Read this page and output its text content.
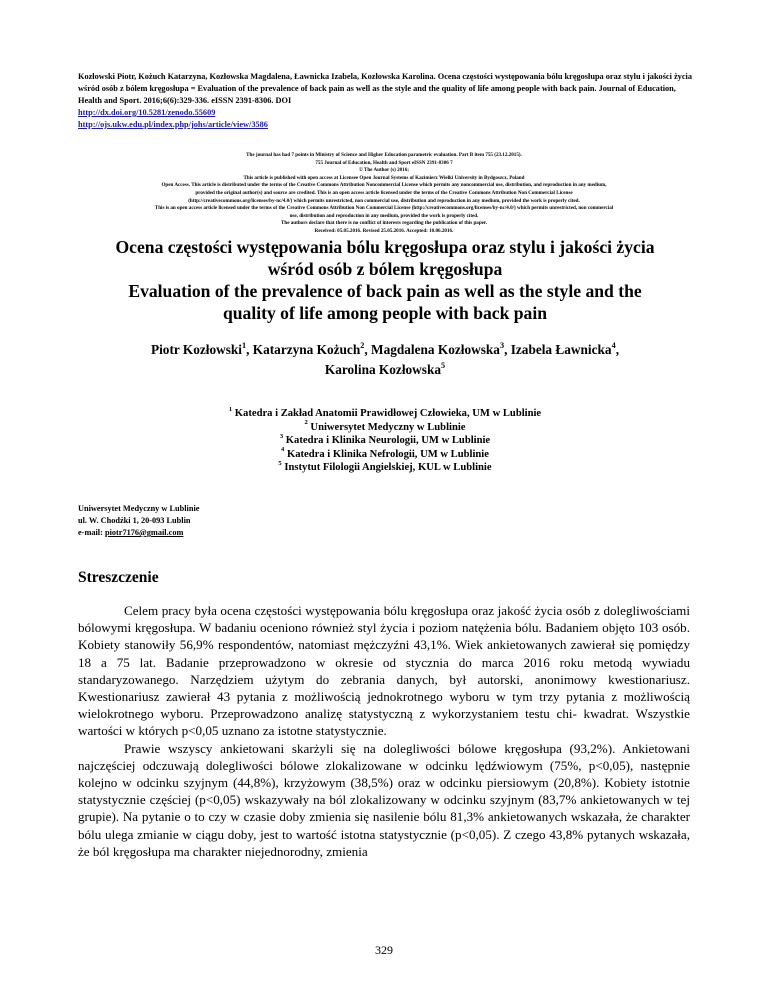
Kozłowski Piotr, Kożuch Katarzyna, Kozłowska Magdalena, Ławnicka Izabela, Kozłowska Karolina. Ocena częstości występowania bólu kręgosłupa oraz stylu i jakości życia wśród osób z bólem kręgosłupa = Evaluation of the prevalence of back pain as well as the style and the quality of life among people with back pain. Journal of Education, Health and Sport. 2016;6(6):329-336. eISSN 2391-8306. DOI
http://dx.doi.org/10.5281/zenodo.55609
http://ojs.ukw.edu.pl/index.php/johs/article/view/3586
The journal has had 7 points in Ministry of Science and Higher Education parametric evaluation. Part B item 755 (23.12.2015).
755 Journal of Education, Health and Sport eISSN 2391-8306 7
© The Author (s) 2016;
This article is published with open access at Licensee Open Journal Systems of Kazimierz Wielki University in Bydgoszcz, Poland
Open Access. This article is distributed under the terms of the Creative Commons Attribution Noncommercial License which permits any noncommercial use, distribution, and reproduction in any medium,
provided the original author(s) and source are credited. This is an open access article licensed under the terms of the Creative Commons Attribution Non Commercial License
(http://creativecommons.org/licenses/by-nc/4.0/) which permits unrestricted, non commercial use, distribution and reproduction in any medium, provided the work is properly cited.
This is an open access article licensed under the terms of the Creative Commons Attribution Non Commercial License (http://creativecommons.org/licenses/by-nc/4.0/) which permits unrestricted, non commercial
use, distribution and reproduction in any medium, provided the work is properly cited.
The authors declare that there is no conflict of interests regarding the publication of this paper.
Received: 05.05.2016. Revised 25.05.2016. Accepted: 10.06.2016.
Ocena częstości występowania bólu kręgosłupa oraz stylu i jakości życia
wśród osób z bólem kręgosłupa
Evaluation of the prevalence of back pain as well as the style and the
quality of life among people with back pain
Piotr Kozłowski$^1$, Katarzyna Kożuch$^2$, Magdalena Kozłowska$^3$, Izabela Ławnicka$^4$,
Karolina Kozłowska$^5$
$^1$ Katedra i Zakład Anatomii Prawidłowej Człowieka, UM w Lublinie
$^2$ Uniwersytet Medyczny w Lublinie
$^3$ Katedra i Klinika Neurologii, UM w Lublinie
$^4$ Katedra i Klinika Nefrologii, UM w Lublinie
$^5$ Instytut Filologii Angielskiej, KUL w Lublinie
Uniwersytet Medyczny w Lublinie
ul. W. Chodźki 1, 20-093 Lublin
e-mail: piotr7176@gmail.com
Streszczenie

Celem pracy była ocena częstości występowania bólu kręgosłupa oraz jakość życia osób z dolegliwościami bólowymi kręgosłupa. W badaniu oceniono również styl życia i poziom natężenia bólu. Badaniem objęto 103 osób. Kobiety stanowiły 56,9% respondentów, natomiast mężczyźni 43,1%. Wiek ankietowanych zawierał się pomiędzy 18 a 75 lat. Badanie przeprowadzono w okresie od stycznia do marca 2016 roku metodą wywiadu standaryzowanego. Narzędziem użytym do zebrania danych, był autorski, anonimowy kwestionariusz. Kwestionariusz zawierał 43 pytania z możliwością jednokrotnego wyboru w tym trzy pytania z możliwością wielokrotnego wyboru. Przeprowadzono analizę statystyczną z wykorzystaniem testu chi- kwadrat. Wszystkie wartości w których p<0,05 uznano za istotne statystycznie.

Prawie wszyscy ankietowani skarżyli się na dolegliwości bólowe kręgosłupa (93,2%). Ankietowani najczęściej odczuwają dolegliwości bólowe zlokalizowane w odcinku lędźwiowym (75%, p<0,05), następnie kolejno w odcinku szyjnym (44,8%), krzyżowym (38,5%) oraz w odcinku piersiowym (20,8%). Kobiety istotnie statystycznie częściej (p<0,05) wskazywały na ból zlokalizowany w odcinku szyjnym (83,7% ankietowanych w tej grupie). Na pytanie o to czy w czasie doby zmienia się nasilenie bólu 81,3% ankietowanych wskazała, że charakter bólu ulega zmianie w ciągu doby, jest to wartość istotna statystycznie (p<0,05). Z czego 43,8% pytanych wskazała, że ból kręgosłupa ma charakter niejednorodny, zmienia

329
